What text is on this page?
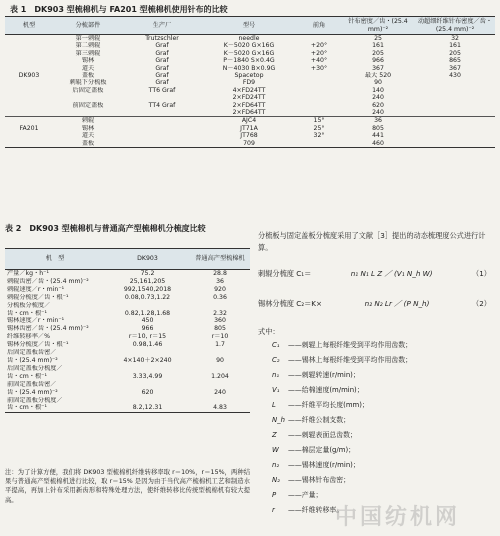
表 1　DK903 型梳棉机与 FA201 型梳棉机使用针布的比较
机型	分梳部件	生产厂	型号	前角	针布密度／齿・(25.4 mm)⁻²	动超细纤维针布密度／齿・(25.4 mm)⁻²
	第一刺辊	Trutzschler	needle		25	32
	第二刺辊	Graf	K－5020 G×16G	+20°	161	161
	第三刺辊	Graf	K－5020 G×16G	+20°	205	205
	锡林	Graf	P－1840 S×0.4G	+40°	966	865
	道夫	Graf	N－4030 B×0.9G	+30°	367	367
DK903	盖板	Graf	Spacetop		最大 520	430
	刺辊下分梳板	Graf	FD9		90	
	后固定盖板	TT6 Graf	4×FD24TT		140	
			2×FD24TT		240	
	前固定盖板	TT4 Graf	2×FD64TT		620	
			2×FD64TT		240	
	刺辊		AJC4	15°	36	
FA201	锡林		JT71A	25°	805	
	道夫		JT768	32°	441	
	盖板		709		460	
表 2　DK903 型梳棉机与普通高产型梳棉机分梳度比较
机　型	DK903	普通高产型梳棉机
产量／kg・h⁻¹	75.2	28.8
刺辊齿密／齿・(25.4 mm)⁻²	25,161,205	36
刺辊速度／r・min⁻¹	992,1540,2018	920
刺辊分梳度／齿・根⁻¹	0.08,0.73,1.22	0.36
分梳板分梳度／		
齿・cm・根⁻¹	0.82,1.28,1.68	2.32
锡林速度／r・min⁻¹	450	360
锡林齿密／齿・(25.4 mm)⁻²	966	805
纤维转移率／%	r＝10, r＝15	r＝10
锡林分梳度／齿・根⁻¹	0.98,1.46	1.7
后固定盖板齿密／		
齿・(25.4 mm)⁻²	4×140＋2×240	90
后固定盖板分梳度／		
齿・cm・根⁻¹	3.33,4.99	1.204
前固定盖板齿密／		
齿・(25.4 mm)⁻²	620	240
前固定盖板分梳度／		
齿・cm・根⁻¹	8.2,12.31	4.83
注：为了计算方便，我们将 DK903 型梳棉机纤维转移率取 r＝10%，r＝15%，两种结果与普通高产型梳棉机进行比较，取 r＝15% 是因为由于当代高产梳棉机工艺和制造水平提高，再加上针布采用新齿形和特殊处理方法，使纤维转移比传统型梳棉机有较大提高。

分梳板与固定盖板分梳度采用了文献［3］提出的动态梳理度公式进行计算。

刺辊分梳度 C₁＝	n₁ N₁ L Z ／ (V₁ N_h W)	（1）
锡林分梳度 C₂＝K×	n₂ N₂ Lr ／ (P N_h)	（2）
式中：
C₁ ——刺辊上每根纤维受到平均作用齿数；
C₂ ——锡林上每根纤维受到平均作用齿数；
n₁ ——刺辊转速(r/min)；
V₁ ——给棉速度(m/min)；
L ——纤维平均长度(mm)；
N_h ——纤维公制支数；
Z ——刺辊表面总齿数；
W ——棉层定量(g/m)；
n₂ ——锡林速度(r/min)；
N₂ ——锡林针布齿密；
P ——产量；
r ——纤维转移率。
中国纺机网
